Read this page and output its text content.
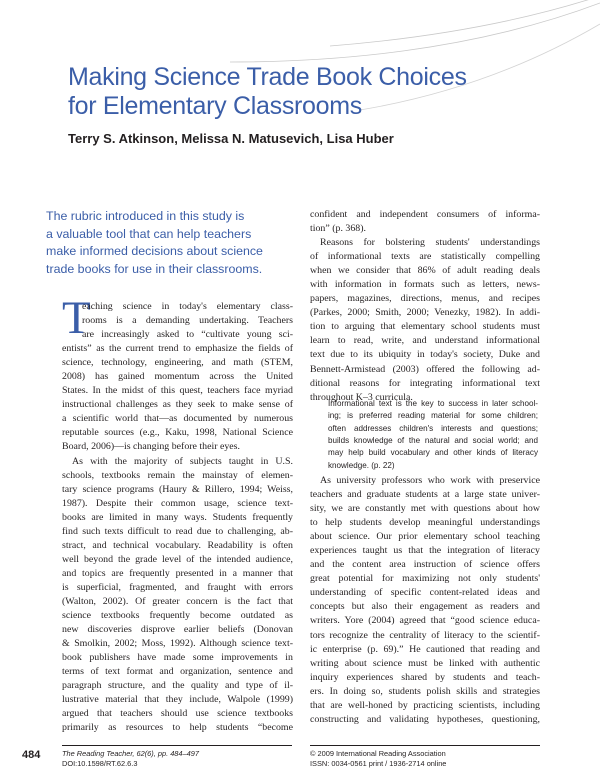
Making Science Trade Book Choices
for Elementary Classrooms
Terry S. Atkinson, Melissa N. Matusevich, Lisa Huber
The rubric introduced in this study is
a valuable tool that can help teachers
make informed decisions about science
trade books for use in their classrooms.
T
eaching science in today's elementary class-
rooms is a demanding undertaking. Teachers
are increasingly asked to “cultivate young sci-
entists” as the current trend to emphasize the fields of
science, technology, engineering, and math (STEM,
2008) has gained momentum across the United
States. In the midst of this quest, teachers face myriad
instructional challenges as they seek to make sense of
a scientific world that—as documented by numerous
reputable sources (e.g., Kaku, 1998, National Science
Board, 2006)—is changing before their eyes.
As with the majority of subjects taught in U.S.
schools, textbooks remain the mainstay of elemen-
tary science programs (Haury & Rillero, 1994; Weiss,
1987). Despite their common usage, science text-
books are limited in many ways. Students frequently
find such texts difficult to read due to challenging, ab-
stract, and technical vocabulary. Readability is often
well beyond the grade level of the intended audience,
and topics are frequently presented in a manner that
is superficial, fragmented, and fraught with errors
(Walton, 2002). Of greater concern is the fact that
science textbooks frequently become outdated as
new discoveries disprove earlier beliefs (Donovan
& Smolkin, 2002; Moss, 1992). Although science text-
book publishers have made some improvements in
terms of text format and organization, sentence and
paragraph structure, and the quality and type of il-
lustrative material that they include, Walpole (1999)
argued that teachers should use science textbooks
primarily as resources to help students “become
confident and independent consumers of informa-
tion” (p. 368).
Reasons for bolstering students' understandings
of informational texts are statistically compelling
when we consider that 86% of adult reading deals
with information in formats such as letters, news-
papers, magazines, directions, menus, and recipes
(Parkes, 2000; Smith, 2000; Venezky, 1982). In addi-
tion to arguing that elementary school students must
learn to read, write, and understand informational
text due to its ubiquity in today's society, Duke and
Bennett-Armistead (2003) offered the following ad-
ditional reasons for integrating informational text
throughout K–3 curricula.
Informational text is the key to success in later school-
ing; is preferred reading material for some children;
often addresses children's interests and questions;
builds knowledge of the natural and social world; and
may help build vocabulary and other kinds of literacy
knowledge. (p. 22)
As university professors who work with preservice
teachers and graduate students at a large state univer-
sity, we are constantly met with questions about how
to help students develop meaningful understandings
about science. Our prior elementary school teaching
experiences taught us that the integration of literacy
and the content area instruction of science offers
great potential for maximizing not only students'
understanding of specific content-related ideas and
concepts but also their engagement as readers and
writers. Yore (2004) agreed that “good science educa-
tors recognize the centrality of literacy to the scientif-
ic enterprise (p. 69).” He cautioned that reading and
writing about science must be linked with authentic
inquiry experiences shared by students and teach-
ers. In doing so, students polish skills and strategies
that are well-honed by practicing scientists, including
constructing and validating hypotheses, questioning,
484	The Reading Teacher, 62(6), pp. 484–497
DOI:10.1598/RT.62.6.3
© 2009 International Reading Association
ISSN: 0034-0561 print / 1936-2714 online
